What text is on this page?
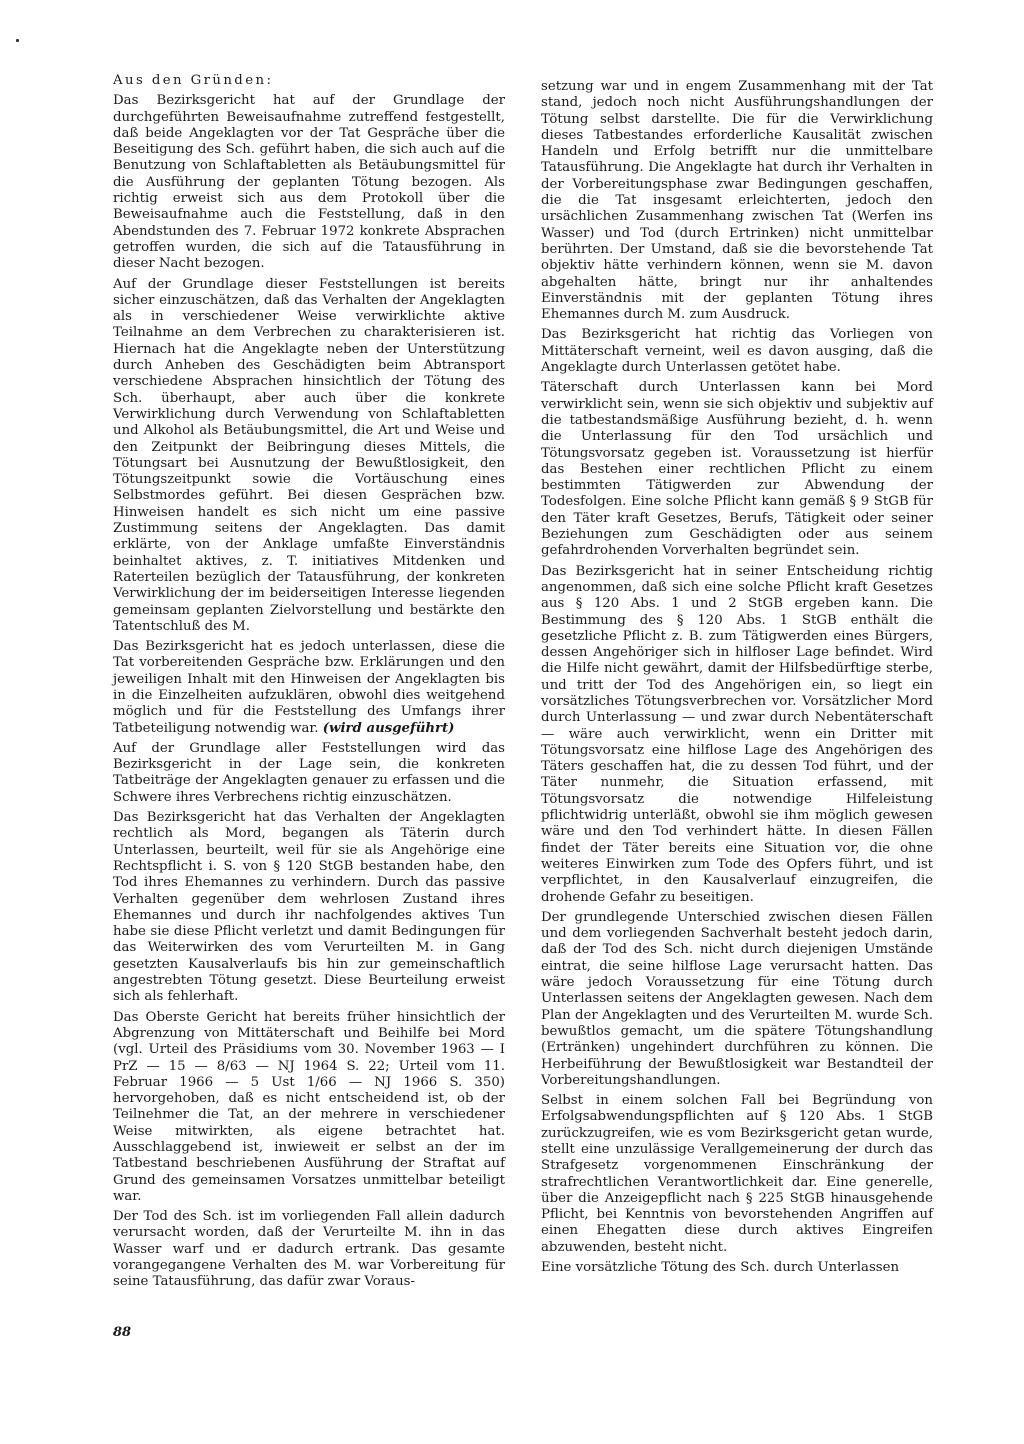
Aus den Gründen:

Das Bezirksgericht hat auf der Grundlage der durchgeführten Beweisaufnahme zutreffend festgestellt, daß beide Angeklagten vor der Tat Gespräche über die Beseitigung des Sch. geführt haben, die sich auch auf die Benutzung von Schlaftabletten als Betäubungsmittel für die Ausführung der geplanten Tötung bezogen. Als richtig erweist sich aus dem Protokoll über die Beweisaufnahme auch die Feststellung, daß in den Abendstunden des 7. Februar 1972 konkrete Absprachen getroffen wurden, die sich auf die Tatausführung in dieser Nacht bezogen.

Auf der Grundlage dieser Feststellungen ist bereits sicher einzuschätzen, daß das Verhalten der Angeklagten als in verschiedener Weise verwirklichte aktive Teilnahme an dem Verbrechen zu charakterisieren ist. Hiernach hat die Angeklagte neben der Unterstützung durch Anheben des Geschädigten beim Abtransport verschiedene Absprachen hinsichtlich der Tötung des Sch. überhaupt, aber auch über die konkrete Verwirklichung durch Verwendung von Schlaftabletten und Alkohol als Betäubungsmittel, die Art und Weise und den Zeitpunkt der Beibringung dieses Mittels, die Tötungsart bei Ausnutzung der Bewußtlosigkeit, den Tötungszeitpunkt sowie die Vortäuschung eines Selbstmordes geführt. Bei diesen Gesprächen bzw. Hinweisen handelt es sich nicht um eine passive Zustimmung seitens der Angeklagten. Das damit erklärte, von der Anklage umfaßte Einverständnis beinhaltet aktives, z. T. initiatives Mitdenken und Raterteilen bezüglich der Tatausführung, der konkreten Verwirklichung der im beiderseitigen Interesse liegenden gemeinsam geplanten Zielvorstellung und bestärkte den Tatentschluß des M.

Das Bezirksgericht hat es jedoch unterlassen, diese die Tat vorbereitenden Gespräche bzw. Erklärungen und den jeweiligen Inhalt mit den Hinweisen der Angeklagten bis in die Einzelheiten aufzuklären, obwohl dies weitgehend möglich und für die Feststellung des Umfangs ihrer Tatbeteiligung notwendig war. (wird ausgeführt)

Auf der Grundlage aller Feststellungen wird das Bezirksgericht in der Lage sein, die konkreten Tatbeiträge der Angeklagten genauer zu erfassen und die Schwere ihres Verbrechens richtig einzuschätzen.

Das Bezirksgericht hat das Verhalten der Angeklagten rechtlich als Mord, begangen als Täterin durch Unterlassen, beurteilt, weil für sie als Angehörige eine Rechtspflicht i. S. von § 120 StGB bestanden habe, den Tod ihres Ehemannes zu verhindern. Durch das passive Verhalten gegenüber dem wehrlosen Zustand ihres Ehemannes und durch ihr nachfolgendes aktives Tun habe sie diese Pflicht verletzt und damit Bedingungen für das Weiterwirken des vom Verurteilten M. in Gang gesetzten Kausalverlaufs bis hin zur gemeinschaftlich angestrebten Tötung gesetzt. Diese Beurteilung erweist sich als fehlerhaft.

Das Oberste Gericht hat bereits früher hinsichtlich der Abgrenzung von Mittäterschaft und Beihilfe bei Mord (vgl. Urteil des Präsidiums vom 30. November 1963 — I PrZ — 15 — 8/63 — NJ 1964 S. 22; Urteil vom 11. Februar 1966 — 5 Ust 1/66 — NJ 1966 S. 350) hervorgehoben, daß es nicht entscheidend ist, ob der Teilnehmer die Tat, an der mehrere in verschiedener Weise mitwirkten, als eigene betrachtet hat. Ausschlaggebend ist, inwieweit er selbst an der im Tatbestand beschriebenen Ausführung der Straftat auf Grund des gemeinsamen Vorsatzes unmittelbar beteiligt war.

Der Tod des Sch. ist im vorliegenden Fall allein dadurch verursacht worden, daß der Verurteilte M. ihn in das Wasser warf und er dadurch ertrank. Das gesamte vorangegangene Verhalten des M. war Vorbereitung für seine Tatausführung, das dafür zwar Voraus-

setzung war und in engem Zusammenhang mit der Tat stand, jedoch noch nicht Ausführungshandlungen der Tötung selbst darstellte. Die für die Verwirklichung dieses Tatbestandes erforderliche Kausalität zwischen Handeln und Erfolg betrifft nur die unmittelbare Tatausführung. Die Angeklagte hat durch ihr Verhalten in der Vorbereitungsphase zwar Bedingungen geschaffen, die die Tat insgesamt erleichterten, jedoch den ursächlichen Zusammenhang zwischen Tat (Werfen ins Wasser) und Tod (durch Ertrinken) nicht unmittelbar berührten. Der Umstand, daß sie die bevorstehende Tat objektiv hätte verhindern können, wenn sie M. davon abgehalten hätte, bringt nur ihr anhaltendes Einverständnis mit der geplanten Tötung ihres Ehemannes durch M. zum Ausdruck.

Das Bezirksgericht hat richtig das Vorliegen von Mittäterschaft verneint, weil es davon ausging, daß die Angeklagte durch Unterlassen getötet habe.

Täterschaft durch Unterlassen kann bei Mord verwirklicht sein, wenn sie sich objektiv und subjektiv auf die tatbestandsmäßige Ausführung bezieht, d. h. wenn die Unterlassung für den Tod ursächlich und Tötungsvorsatz gegeben ist. Voraussetzung ist hierfür das Bestehen einer rechtlichen Pflicht zu einem bestimmten Tätigwerden zur Abwendung der Todesfolgen. Eine solche Pflicht kann gemäß § 9 StGB für den Täter kraft Gesetzes, Berufs, Tätigkeit oder seiner Beziehungen zum Geschädigten oder aus seinem gefahrdrohenden Vorverhalten begründet sein.

Das Bezirksgericht hat in seiner Entscheidung richtig angenommen, daß sich eine solche Pflicht kraft Gesetzes aus § 120 Abs. 1 und 2 StGB ergeben kann. Die Bestimmung des § 120 Abs. 1 StGB enthält die gesetzliche Pflicht z. B. zum Tätigwerden eines Bürgers, dessen Angehöriger sich in hilfloser Lage befindet. Wird die Hilfe nicht gewährt, damit der Hilfsbedürftige sterbe, und tritt der Tod des Angehörigen ein, so liegt ein vorsätzliches Tötungsverbrechen vor. Vorsätzlicher Mord durch Unterlassung — und zwar durch Nebentäterschaft — wäre auch verwirklicht, wenn ein Dritter mit Tötungsvorsatz eine hilflose Lage des Angehörigen des Täters geschaffen hat, die zu dessen Tod führt, und der Täter nunmehr, die Situation erfassend, mit Tötungsvorsatz die notwendige Hilfeleistung pflichtwidrig unterläßt, obwohl sie ihm möglich gewesen wäre und den Tod verhindert hätte. In diesen Fällen findet der Täter bereits eine Situation vor, die ohne weiteres Einwirken zum Tode des Opfers führt, und ist verpflichtet, in den Kausalverlauf einzugreifen, die drohende Gefahr zu beseitigen.

Der grundlegende Unterschied zwischen diesen Fällen und dem vorliegenden Sachverhalt besteht jedoch darin, daß der Tod des Sch. nicht durch diejenigen Umstände eintrat, die seine hilflose Lage verursacht hatten. Das wäre jedoch Voraussetzung für eine Tötung durch Unterlassen seitens der Angeklagten gewesen. Nach dem Plan der Angeklagten und des Verurteilten M. wurde Sch. bewußtlos gemacht, um die spätere Tötungshandlung (Ertränken) ungehindert durchführen zu können. Die Herbeiführung der Bewußtlosigkeit war Bestandteil der Vorbereitungshandlungen.

Selbst in einem solchen Fall bei Begründung von Erfolgsabwendungspflichten auf § 120 Abs. 1 StGB zurückzugreifen, wie es vom Bezirksgericht getan wurde, stellt eine unzulässige Verallgemeinerung der durch das Strafgesetz vorgenommenen Einschränkung der strafrechtlichen Verantwortlichkeit dar. Eine generelle, über die Anzeigepflicht nach § 225 StGB hinausgehende Pflicht, bei Kenntnis von bevorstehenden Angriffen auf einen Ehegatten diese durch aktives Eingreifen abzuwenden, besteht nicht.

Eine vorsätzliche Tötung des Sch. durch Unterlassen

88
